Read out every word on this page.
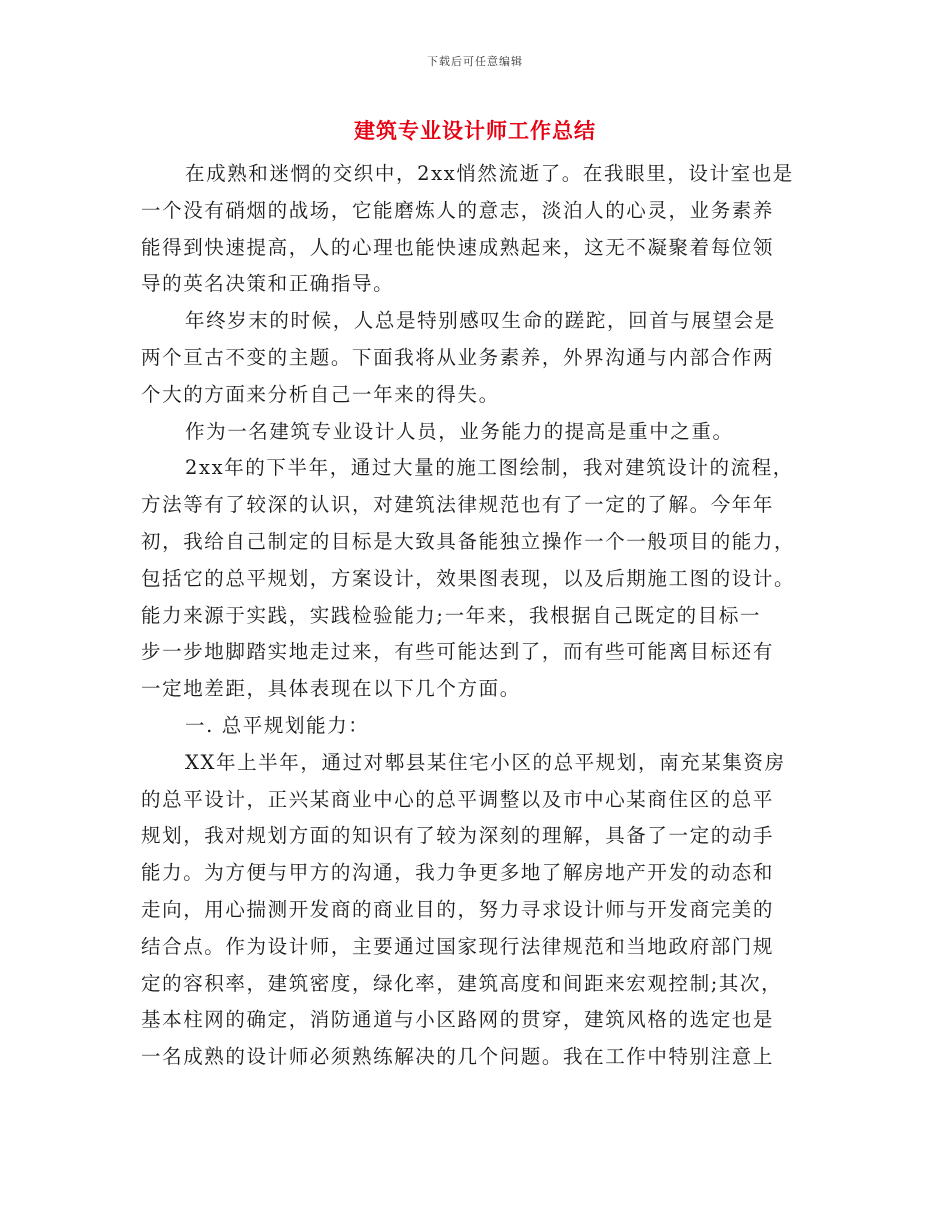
下载后可任意编辑
建筑专业设计师工作总结
在成熟和迷惘的交织中，2xx悄然流逝了。在我眼里，设计室也是
一个没有硝烟的战场，它能磨炼人的意志，淡泊人的心灵，业务素养
能得到快速提高，人的心理也能快速成熟起来，这无不凝聚着每位领
导的英名决策和正确指导。
年终岁末的时候，人总是特别感叹生命的蹉跎，回首与展望会是
两个亘古不变的主题。下面我将从业务素养，外界沟通与内部合作两
个大的方面来分析自己一年来的得失。
作为一名建筑专业设计人员，业务能力的提高是重中之重。
2xx年的下半年，通过大量的施工图绘制，我对建筑设计的流程，
方法等有了较深的认识，对建筑法律规范也有了一定的了解。今年年
初，我给自己制定的目标是大致具备能独立操作一个一般项目的能力，
包括它的总平规划，方案设计，效果图表现，以及后期施工图的设计。
能力来源于实践，实践检验能力;一年来，我根据自己既定的目标一
步一步地脚踏实地走过来，有些可能达到了，而有些可能离目标还有
一定地差距，具体表现在以下几个方面。
一. 总平规划能力：
XX年上半年，通过对郫县某住宅小区的总平规划，南充某集资房
的总平设计，正兴某商业中心的总平调整以及市中心某商住区的总平
规划，我对规划方面的知识有了较为深刻的理解，具备了一定的动手
能力。为方便与甲方的沟通，我力争更多地了解房地产开发的动态和
走向，用心揣测开发商的商业目的，努力寻求设计师与开发商完美的
结合点。作为设计师，主要通过国家现行法律规范和当地政府部门规
定的容积率，建筑密度，绿化率，建筑高度和间距来宏观控制;其次，
基本柱网的确定，消防通道与小区路网的贯穿，建筑风格的选定也是
一名成熟的设计师必须熟练解决的几个问题。我在工作中特别注意上
